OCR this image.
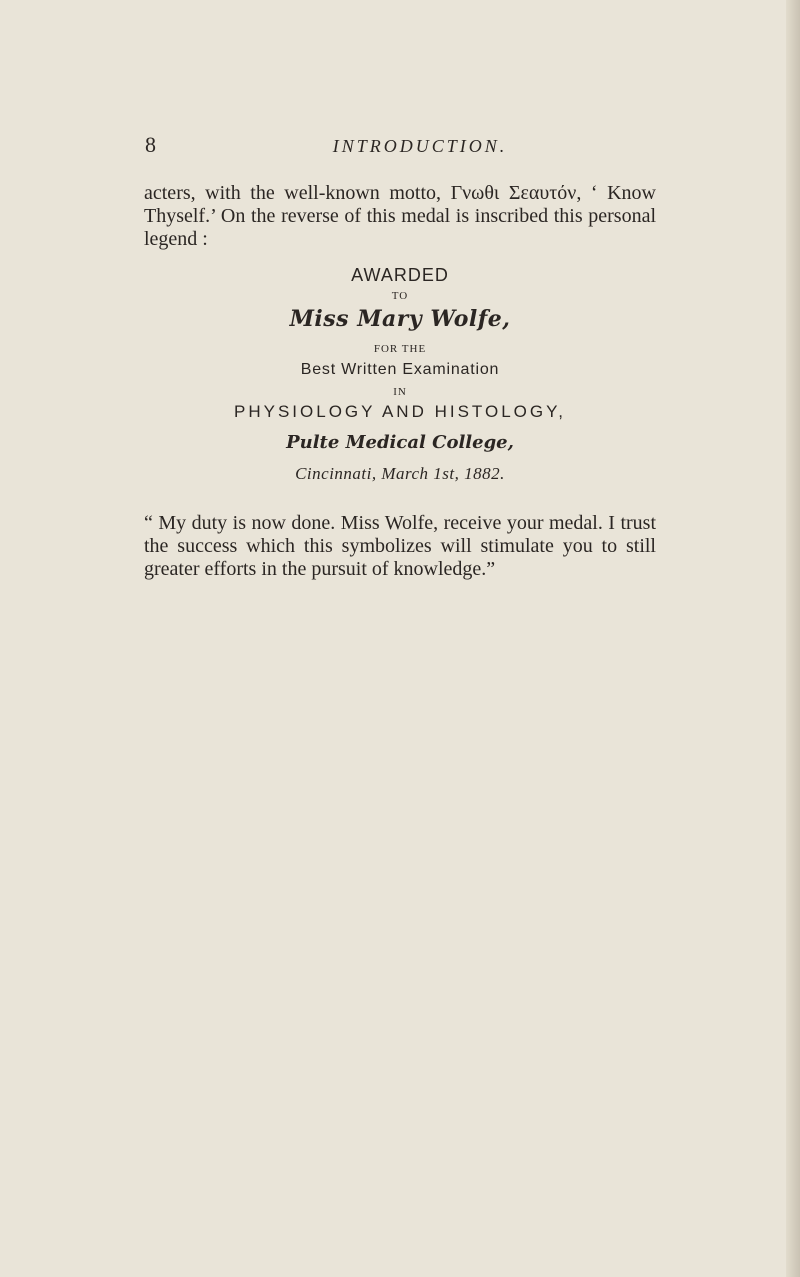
8	INTRODUCTION.

acters, with the well-known motto, Γνωθι Σεαυτόν, ‘ Know Thyself.’ On the reverse of this medal is inscribed this personal legend :

AWARDED
TO
Miss Mary Wolfe,
FOR THE
Best Written Examination
IN
PHYSIOLOGY AND HISTOLOGY,
Pulte Medical College,
Cincinnati, March 1st, 1882.

“ My duty is now done. Miss Wolfe, receive your medal. I trust the success which this symbolizes will stimulate you to still greater efforts in the pursuit of knowledge.”
